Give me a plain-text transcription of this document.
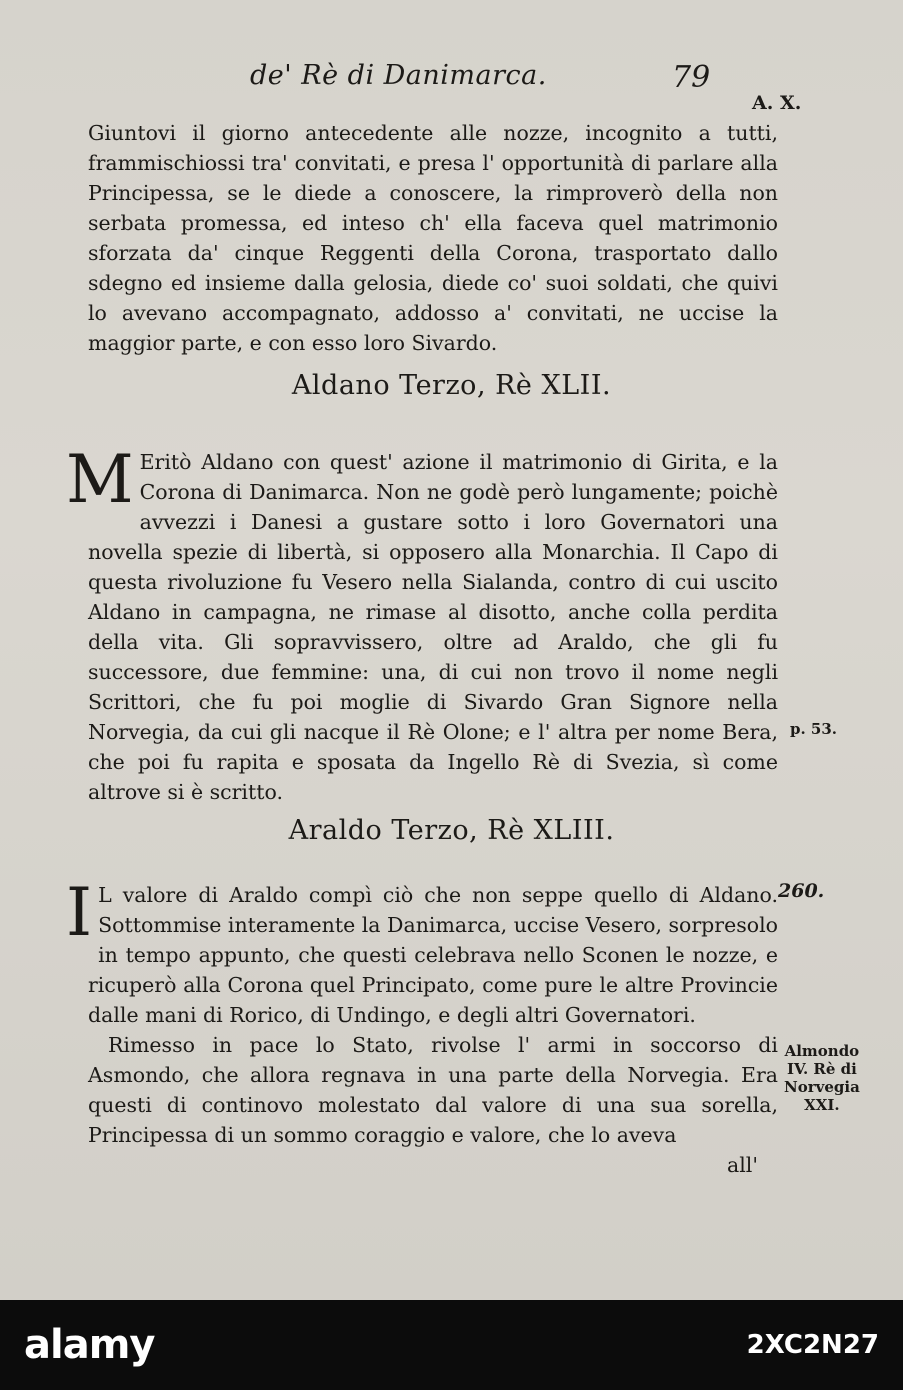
de' Rè di Danimarca.	79
A. X.

Giuntovi il giorno antecedente alle nozze, incognito a tutti, frammischiossi tra' convitati, e presa l' opportunità di parlare alla Principessa, se le diede a conoscere, la rimproverò della non serbata promessa, ed inteso ch' ella faceva quel matrimonio sforzata da' cinque Reggenti della Corona, trasportato dallo sdegno ed insieme dalla gelosia, diede co' suoi soldati, che quivi lo avevano accompagnato, addosso a' convitati, ne uccise la maggior parte, e con esso loro Sivardo.

Aldano Terzo, Rè XLII.
M Eritò Aldano con quest' azione il matrimonio di Girita, e la Corona di Danimarca. Non ne godè però lungamente; poichè avvezzi i Danesi a gustare sotto i loro Governatori una novella spezie di libertà, si opposero alla Monarchia. Il Capo di questa rivoluzione fu Vesero nella Sialanda, contro di cui uscito Aldano in campagna, ne rimase al disotto, anche colla perdita della vita. Gli sopravvissero, oltre ad Araldo, che gli fu successore, due femmine: una, di cui non trovo il nome negli Scrittori, che fu poi moglie di Sivardo Gran Signore nella Norvegia, da cui gli nacque il Rè Olone; e l' altra per nome Bera, che poi fu rapita e sposata da Ingello Rè di Svezia, sì come altrove si è scritto.

p. 53.
Araldo Terzo, Rè XLIII.
I L valore di Araldo compì ciò che non seppe quello di Aldano. Sottommise interamente la Danimarca, uccise Vesero, sorpresolo in tempo appunto, che questi celebrava nello Sconen le nozze, e ricuperò alla Corona quel Principato, come pure le altre Provincie dalle mani di Rorico, di Undingo, e degli altri Governatori.

Rimesso in pace lo Stato, rivolse l' armi in soccorso di Asmondo, che allora regnava in una parte della Norvegia. Era questi di continovo molestato dal valore di una sua sorella, Principessa di un sommo coraggio e valore, che lo aveva

all'
260.
Almondo
IV. Rè di
Norvegia
XXI.
alamy	2XC2N27
